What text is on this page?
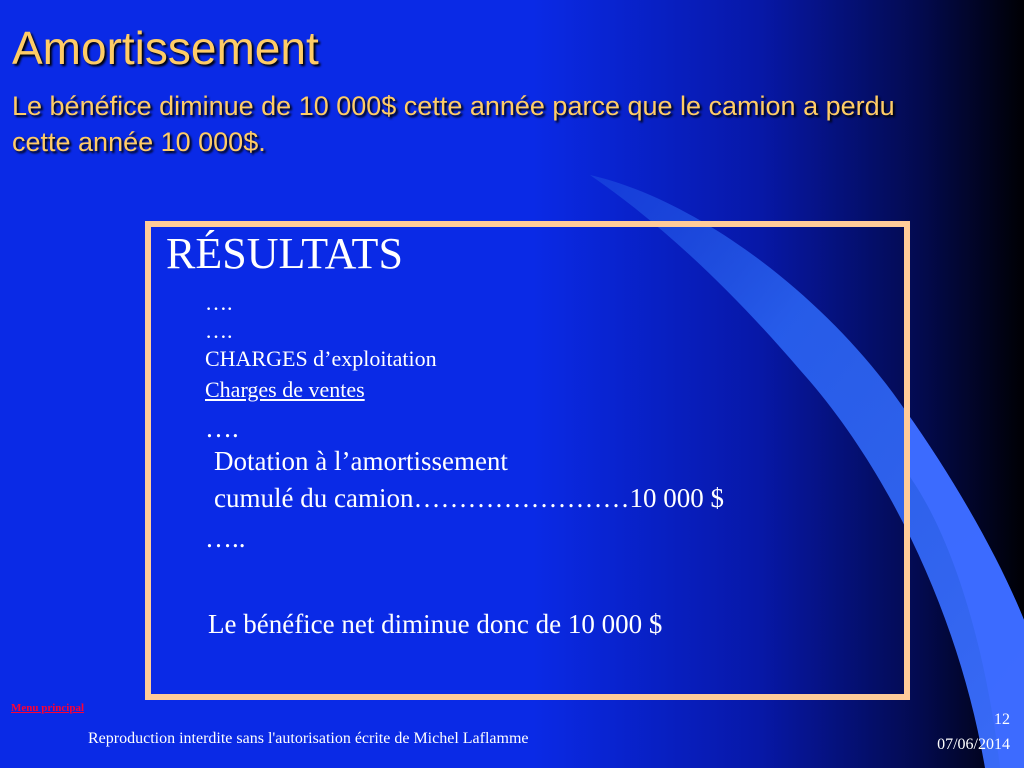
Amortissement
Le bénéfice diminue de 10 000$ cette année parce que le camion a perdu cette année 10 000$.
RÉSULTATS
….
….
CHARGES d’exploitation
Charges de ventes
….
Dotation à l’amortissement
cumulé du camion……………………10 000 $
…..
Le bénéfice net diminue donc de 10 000 $
Menu principal
Reproduction interdite sans l'autorisation écrite de Michel Laflamme
12
07/06/2014
